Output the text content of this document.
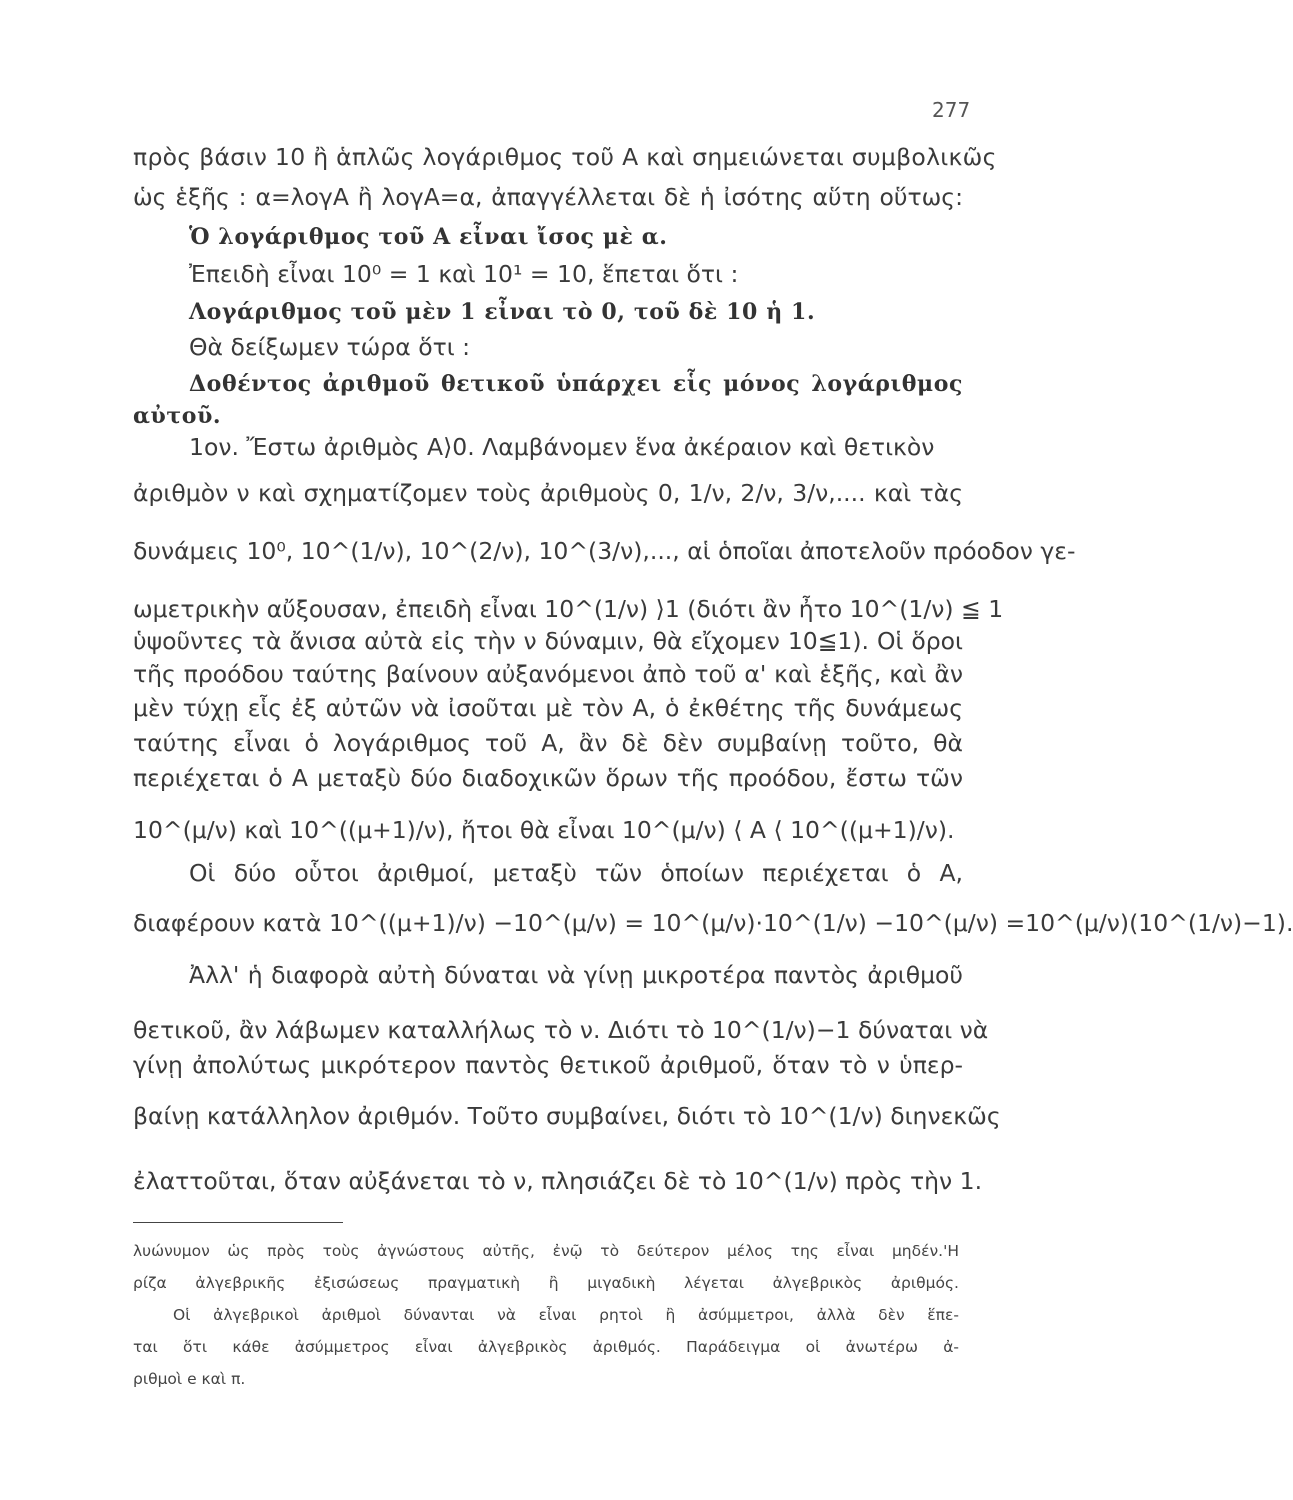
277
πρὸς βάσιν 10 ἢ ἁπλῶς λογάριθμος τοῦ Α καὶ σημειώνεται συμβολικῶς
ὡς ἑξῆς : α=λογΑ ἢ λογΑ=α, ἀπαγγέλλεται δὲ ἡ ἰσότης αὕτη οὕτως:
Ὁ λογάριθμος τοῦ Α εἶναι ἴσος μὲ α.
Ἐπειδὴ εἶναι 10⁰ = 1 καὶ 10¹ = 10, ἕπεται ὅτι :
Λογάριθμος τοῦ μὲν 1 εἶναι τὸ 0, τοῦ δὲ 10 ἡ 1.
Θὰ δείξωμεν τώρα ὅτι :
Δοθέντος ἀριθμοῦ θετικοῦ ὑπάρχει εἷς μόνος λογάριθμος
αὐτοῦ.
1ον. Ἔστω ἀριθμὸς Α⟩0. Λαμβάνομεν ἕνα ἀκέραιον καὶ θετικὸν
ἀριθμὸν ν καὶ σχηματίζομεν τοὺς ἀριθμοὺς 0, 1/ν, 2/ν, 3/ν,.... καὶ τὰς
δυνάμεις 10⁰, 10^(1/ν), 10^(2/ν), 10^(3/ν),..., αἱ ὁποῖαι ἀποτελοῦν πρόοδον γε-
ωμετρικὴν αὔξουσαν, ἐπειδὴ εἶναι 10^(1/ν) ⟩1 (διότι ἂν ἦτο 10^(1/ν) ≦ 1
ὑψοῦντες τὰ ἄνισα αὐτὰ εἰς τὴν ν δύναμιν, θὰ εἴχομεν 10≦1). Οἱ ὅροι
τῆς προόδου ταύτης βαίνουν αὐξανόμενοι ἀπὸ τοῦ α' καὶ ἑξῆς, καὶ ἂν
μὲν τύχῃ εἷς ἐξ αὐτῶν νὰ ἰσοῦται μὲ τὸν Α, ὁ ἐκθέτης τῆς δυνάμεως
ταύτης εἶναι ὁ λογάριθμος τοῦ Α, ἂν δὲ δὲν συμβαίνῃ τοῦτο, θὰ
περιέχεται ὁ Α μεταξὺ δύο διαδοχικῶν ὅρων τῆς προόδου, ἔστω τῶν
10^(μ/ν) καὶ 10^((μ+1)/ν), ἤτοι θὰ εἶναι 10^(μ/ν) ⟨ Α ⟨ 10^((μ+1)/ν).
Οἱ δύο οὗτοι ἀριθμοί, μεταξὺ τῶν ὁποίων περιέχεται ὁ Α,
διαφέρουν κατὰ 10^((μ+1)/ν) −10^(μ/ν) = 10^(μ/ν)·10^(1/ν) −10^(μ/ν) =10^(μ/ν)(10^(1/ν)−1).
Ἀλλ' ἡ διαφορὰ αὐτὴ δύναται νὰ γίνῃ μικροτέρα παντὸς ἀριθμοῦ
θετικοῦ, ἂν λάβωμεν καταλλήλως τὸ ν. Διότι τὸ 10^(1/ν)−1 δύναται νὰ
γίνῃ ἀπολύτως μικρότερον παντὸς θετικοῦ ἀριθμοῦ, ὅταν τὸ ν ὑπερ-
βαίνῃ κατάλληλον ἀριθμόν. Τοῦτο συμβαίνει, διότι τὸ 10^(1/ν) διηνεκῶς
ἐλαττοῦται, ὅταν αὐξάνεται τὸ ν, πλησιάζει δὲ τὸ 10^(1/ν) πρὸς τὴν 1.
λυώνυμον ὡς πρὸς τοὺς ἀγνώστους αὐτῆς, ἐνῷ τὸ δεύτερον μέλος της εἶναι μηδέν.'Η
ρίζα ἀλγεβρικῆς ἐξισώσεως πραγματικὴ ἢ μιγαδικὴ λέγεται ἀλγεβρικὸς ἀριθμός.
Οἱ ἀλγεβρικοὶ ἀριθμοὶ δύνανται νὰ εἶναι ρητοὶ ἢ ἀσύμμετροι, ἀλλὰ δὲν ἕπε-
ται ὅτι κάθε ἀσύμμετρος εἶναι ἀλγεβρικὸς ἀριθμός. Παράδειγμα οἱ ἀνωτέρω ἀ-
ριθμοὶ e καὶ π.
